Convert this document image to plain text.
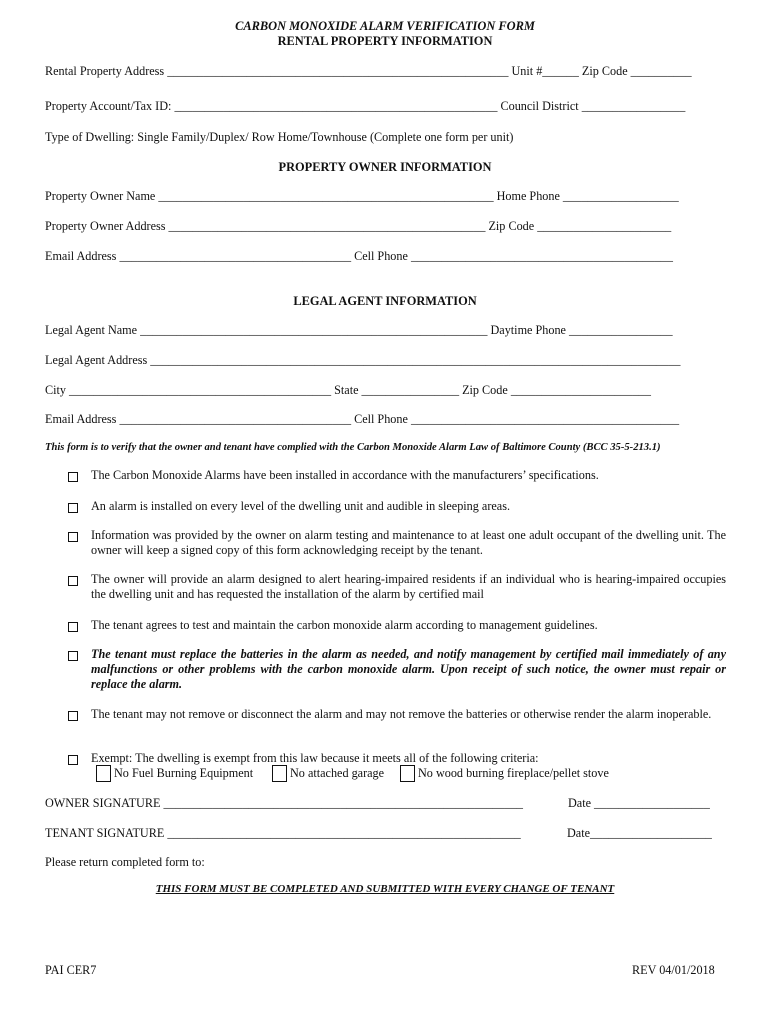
CARBON MONOXIDE ALARM VERIFICATION FORM
RENTAL PROPERTY INFORMATION
Rental Property Address ________________________________________________________ Unit #______ Zip Code __________
Property Account/Tax ID: _____________________________________________________ Council District _________________
Type of Dwelling: Single Family/Duplex/ Row Home/Townhouse (Complete one form per unit)
PROPERTY OWNER INFORMATION
Property Owner Name _______________________________________________________ Home Phone ___________________
Property Owner Address ____________________________________________________ Zip Code ______________________
Email Address ______________________________________ Cell Phone ___________________________________________
LEGAL AGENT INFORMATION
Legal Agent Name _________________________________________________________ Daytime Phone _________________
Legal Agent Address _______________________________________________________________________________________
City ___________________________________________ State ________________ Zip Code _______________________
Email Address ______________________________________ Cell Phone ____________________________________________
This form is to verify that the owner and tenant have complied with the Carbon Monoxide Alarm Law of Baltimore County (BCC 35-5-213.1)
The Carbon Monoxide Alarms have been installed in accordance with the manufacturers’ specifications.
An alarm is installed on every level of the dwelling unit and audible in sleeping areas.
Information was provided by the owner on alarm testing and maintenance to at least one adult occupant of the dwelling unit. The owner will keep a signed copy of this form acknowledging receipt by the tenant.
The owner will provide an alarm designed to alert hearing-impaired residents if an individual who is hearing-impaired occupies the dwelling unit and has requested the installation of the alarm by certified mail
The tenant agrees to test and maintain the carbon monoxide alarm according to management guidelines.
The tenant must replace the batteries in the alarm as needed, and notify management by certified mail immediately of any malfunctions or other problems with the carbon monoxide alarm. Upon receipt of such notice, the owner must repair or replace the alarm.
The tenant may not remove or disconnect the alarm and may not remove the batteries or otherwise render the alarm inoperable.
Exempt: The dwelling is exempt from this law because it meets all of the following criteria:
No Fuel Burning Equipment	No attached garage	No wood burning fireplace/pellet stove
OWNER SIGNATURE ___________________________________________________________	Date ___________________
TENANT SIGNATURE __________________________________________________________	Date____________________
Please return completed form to:
THIS FORM MUST BE COMPLETED AND SUBMITTED WITH EVERY CHANGE OF TENANT
PAI CER7	REV 04/01/2018
